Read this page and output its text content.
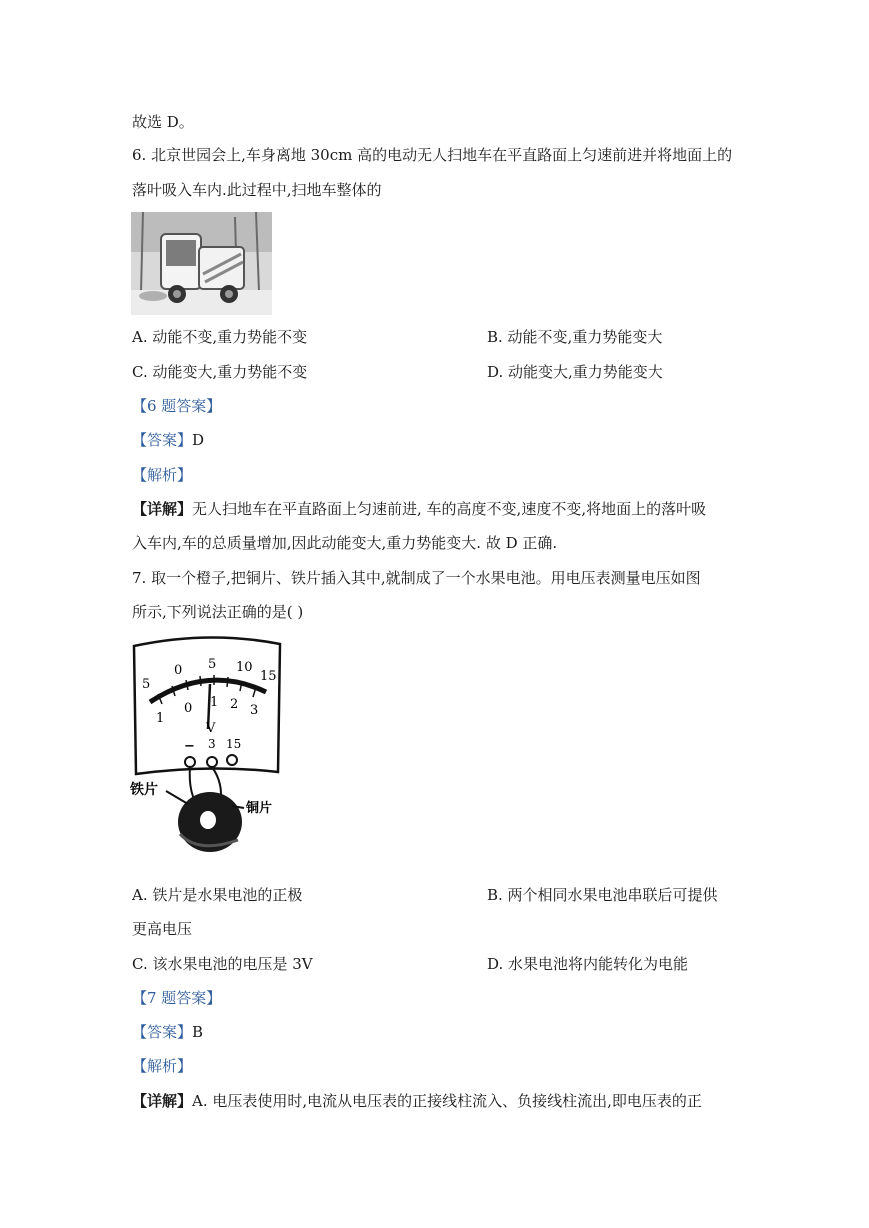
故选 D。
6. 北京世园会上,车身离地 30cm 高的电动无人扫地车在平直路面上匀速前进并将地面上的
落叶吸入车内.此过程中,扫地车整体的
A. 动能不变,重力势能不变	B. 动能不变,重力势能变大
C. 动能变大,重力势能不变	D. 动能变大,重力势能变大
【6 题答案】
【答案】D
【解析】
【详解】无人扫地车在平直路面上匀速前进, 车的高度不变,速度不变,将地面上的落叶吸
入车内,车的总质量增加,因此动能变大,重力势能变大. 故 D 正确.
7. 取一个橙子,把铜片、铁片插入其中,就制成了一个水果电池。用电压表测量电压如图
所示,下列说法正确的是( )
5
0 5 10
15
1
0 1 2 3
V
− 3 15
铁片
铜片
A. 铁片是水果电池的正极	B. 两个相同水果电池串联后可提供
更高电压
C. 该水果电池的电压是 3V	D. 水果电池将内能转化为电能
【7 题答案】
【答案】B
【解析】
【详解】A. 电压表使用时,电流从电压表的正接线柱流入、负接线柱流出,即电压表的正
